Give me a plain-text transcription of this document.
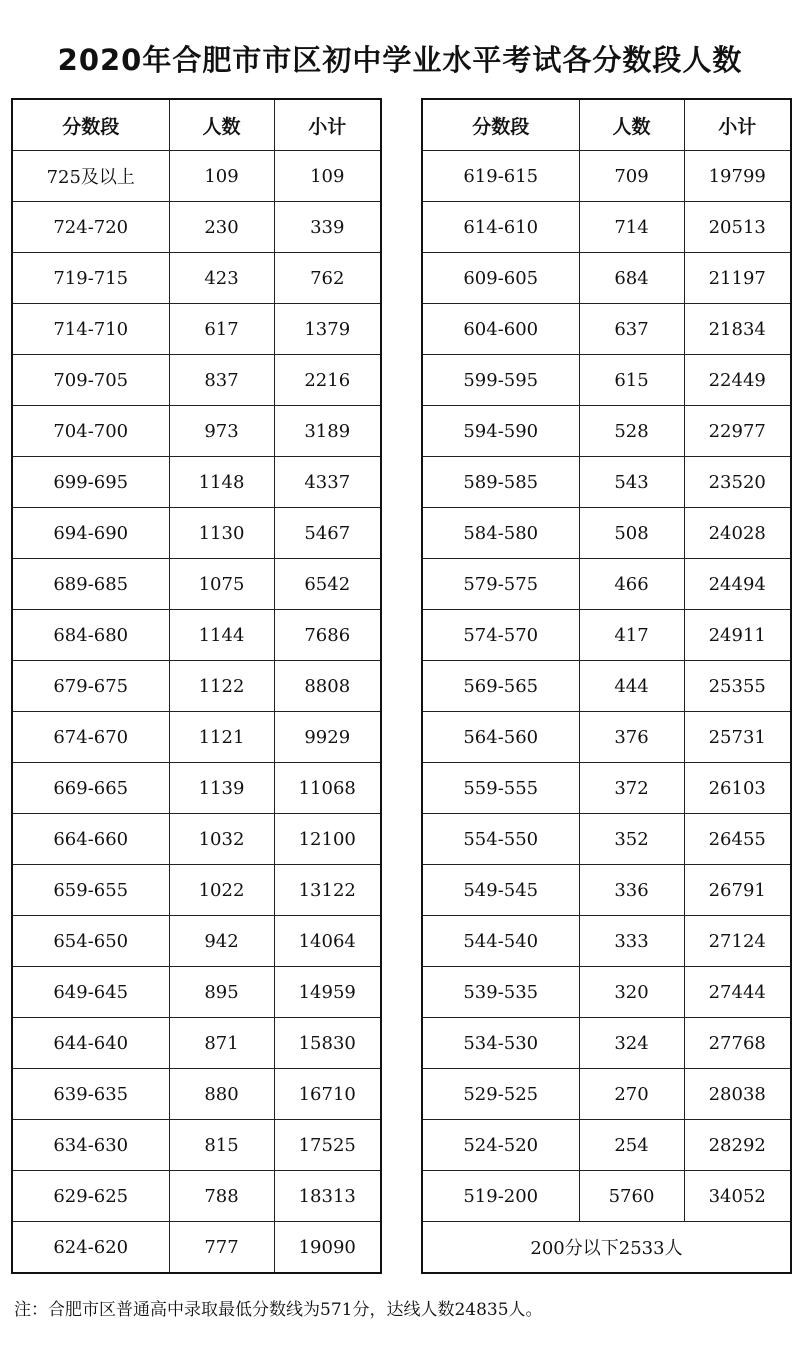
2020年合肥市市区初中学业水平考试各分数段人数
分数段	人数	小计
725及以上	109	109
724-720	230	339
719-715	423	762
714-710	617	1379
709-705	837	2216
704-700	973	3189
699-695	1148	4337
694-690	1130	5467
689-685	1075	6542
684-680	1144	7686
679-675	1122	8808
674-670	1121	9929
669-665	1139	11068
664-660	1032	12100
659-655	1022	13122
654-650	942	14064
649-645	895	14959
644-640	871	15830
639-635	880	16710
634-630	815	17525
629-625	788	18313
624-620	777	19090
分数段	人数	小计
619-615	709	19799
614-610	714	20513
609-605	684	21197
604-600	637	21834
599-595	615	22449
594-590	528	22977
589-585	543	23520
584-580	508	24028
579-575	466	24494
574-570	417	24911
569-565	444	25355
564-560	376	25731
559-555	372	26103
554-550	352	26455
549-545	336	26791
544-540	333	27124
539-535	320	27444
534-530	324	27768
529-525	270	28038
524-520	254	28292
519-200	5760	34052
200分以下2533人		
注：合肥市区普通高中录取最低分数线为571分，达线人数24835人。
